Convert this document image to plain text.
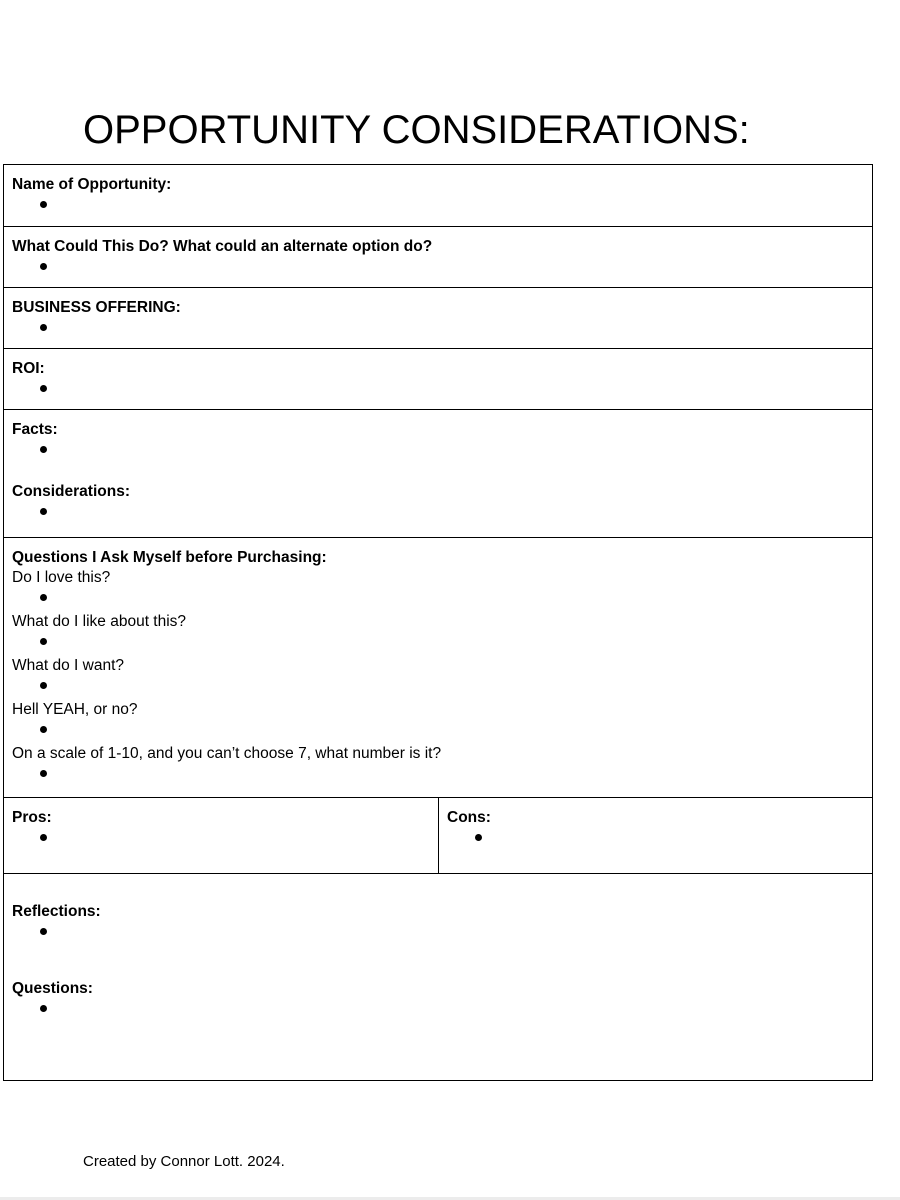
OPPORTUNITY CONSIDERATIONS:
Name of Opportunity:
What Could This Do? What could an alternate option do?
BUSINESS OFFERING:
ROI:
Facts:
Considerations:
Questions I Ask Myself before Purchasing:
Do I love this?
What do I like about this?
What do I want?
Hell YEAH, or no?
On a scale of 1-10, and you can’t choose 7, what number is it?
Pros:	Cons:
Reflections:
Questions:
Created by Connor Lott. 2024.
